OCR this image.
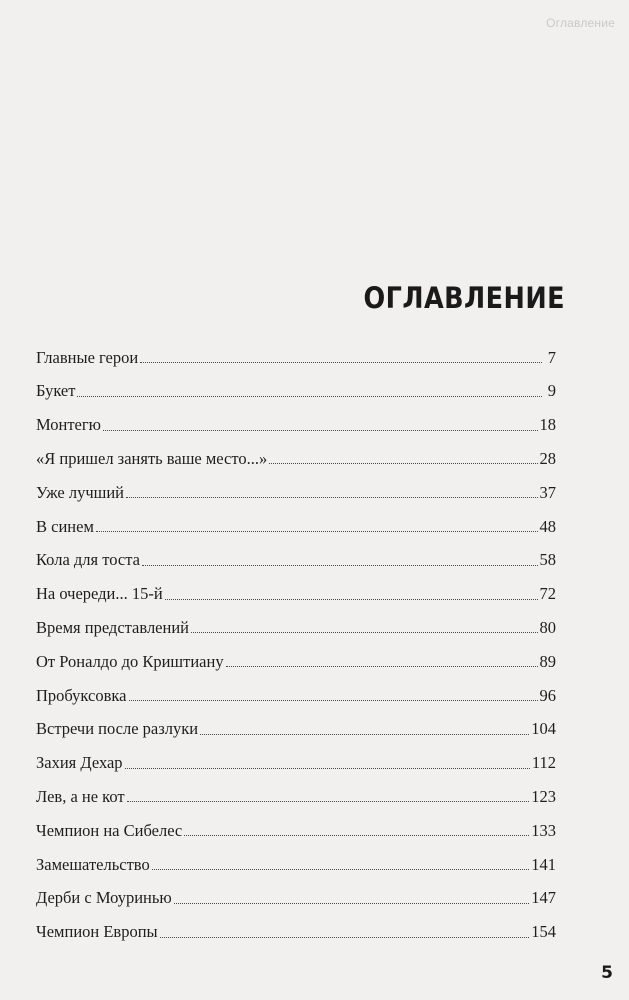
Оглавление
ОГЛАВЛЕНИЕ
Главные герои	7
Букет	9
Монтегю	18
«Я пришел занять ваше место...»	28
Уже лучший	37
В синем	48
Кола для тоста	58
На очереди... 15-й	72
Время представлений	80
От Роналдо до Криштиану	89
Пробуксовка	96
Встречи после разлуки	104
Захия Дехар	112
Лев, а не кот	123
Чемпион на Сибелес	133
Замешательство	141
Дерби с Моуринью	147
Чемпион Европы	154
5
